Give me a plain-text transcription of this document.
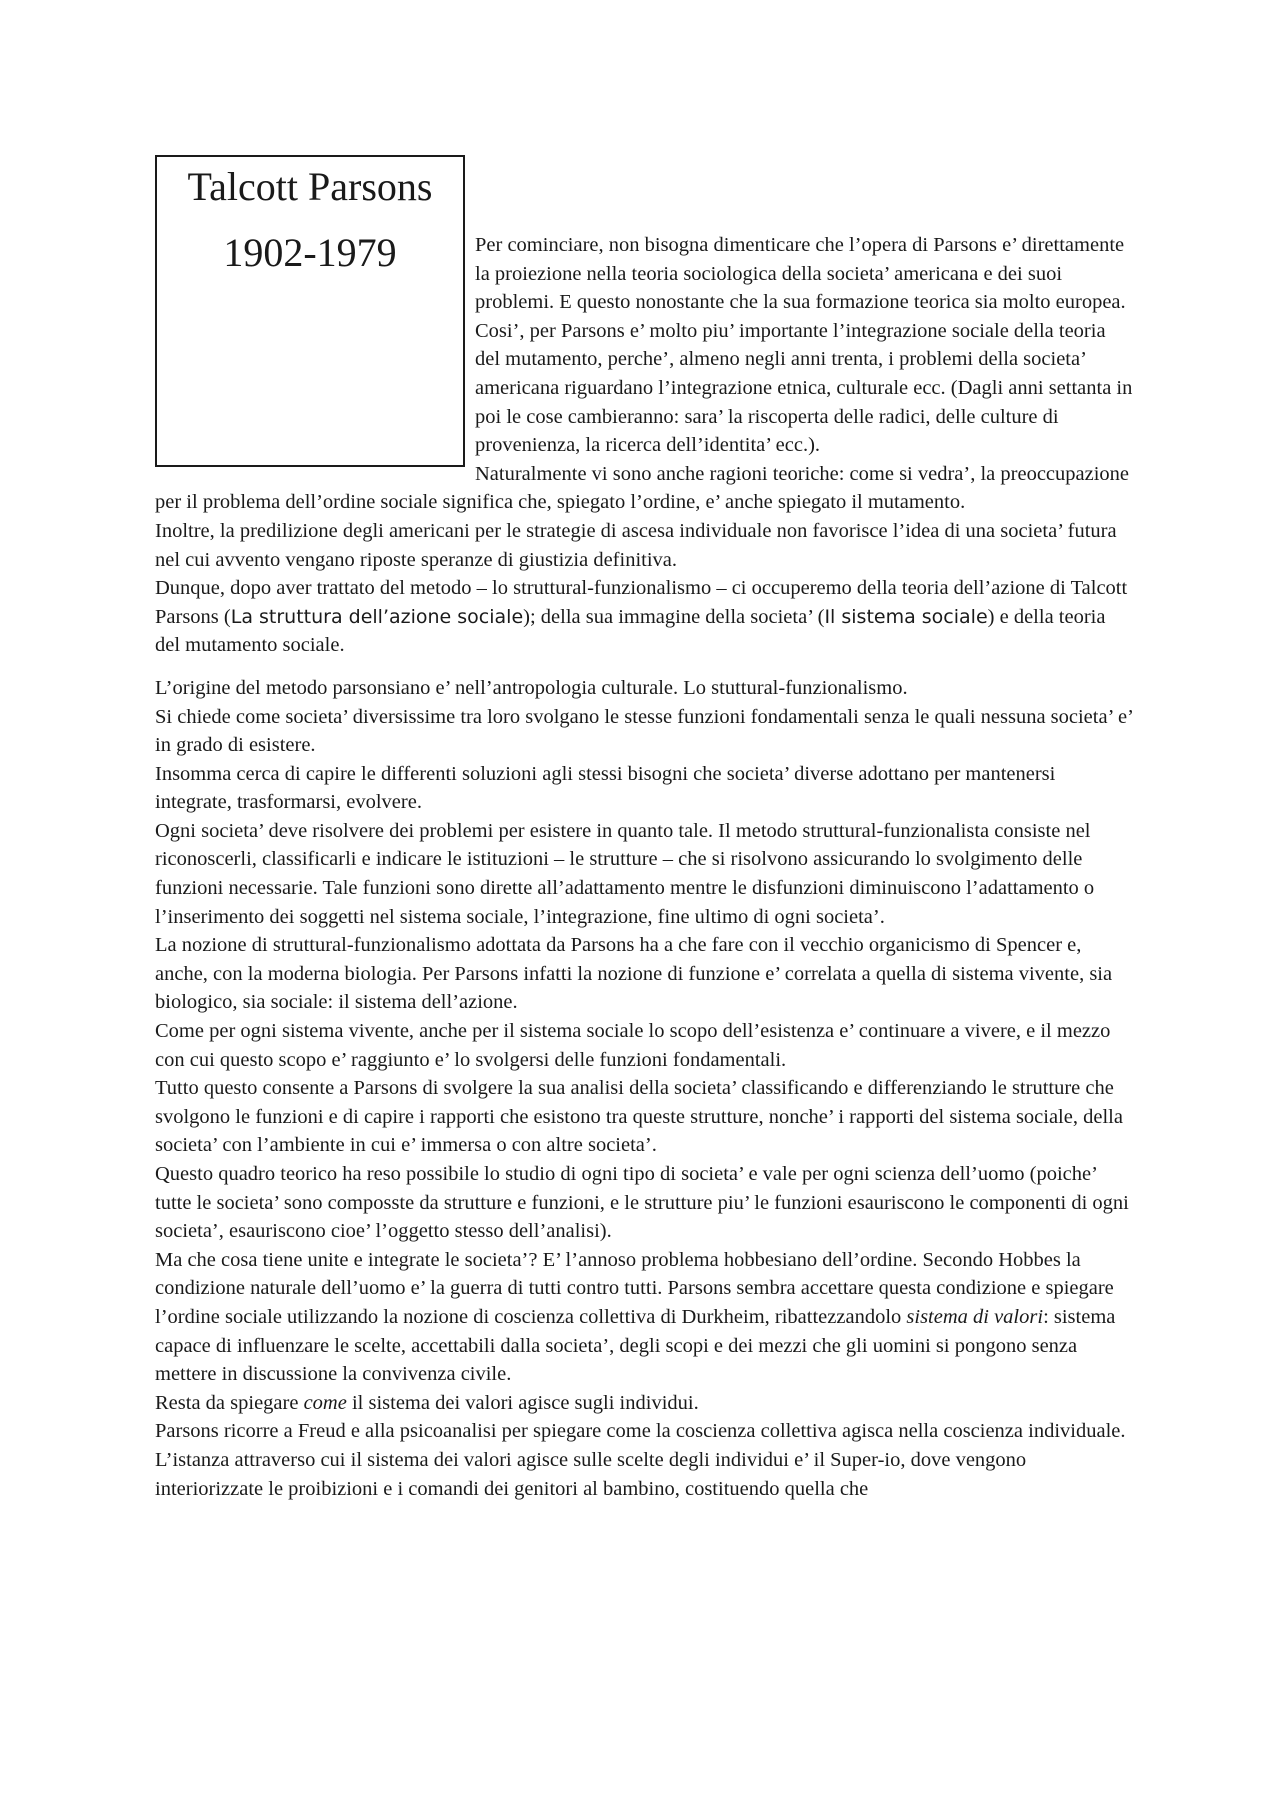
Talcott Parsons
1902-1979	Per cominciare, non bisogna dimenticare che l’opera di Parsons e’ direttamente la proiezione nella teoria sociologica della societa’ americana e dei suoi problemi. E questo nonostante che la sua formazione teorica sia molto europea.

Cosi’, per Parsons e’ molto piu’ importante l’integrazione sociale della teoria del mutamento, perche’, almeno negli anni trenta, i problemi della societa’ americana riguardano l’integrazione etnica, culturale ecc. (Dagli anni settanta in poi le cose cambieranno: sara’ la riscoperta delle radici, delle culture di provenienza, la ricerca dell’identita’ ecc.).

Naturalmente vi sono anche ragioni teoriche: come si vedra’, la preoccupazione per il problema dell’ordine sociale significa che, spiegato l’ordine, e’ anche spiegato il mutamento.

Inoltre, la predilizione degli americani per le strategie di ascesa individuale non favorisce l’idea di una societa’ futura nel cui avvento vengano riposte speranze di giustizia definitiva.

Dunque, dopo aver trattato del metodo – lo struttural-funzionalismo – ci occuperemo della teoria dell’azione di Talcott Parsons (La struttura dell’azione sociale); della sua immagine della societa’ (Il sistema sociale) e della teoria del mutamento sociale.

L’origine del metodo parsonsiano e’ nell’antropologia culturale. Lo stuttural-funzionalismo.

Si chiede come societa’ diversissime tra loro svolgano le stesse funzioni fondamentali senza le quali nessuna societa’ e’ in grado di esistere.

Insomma cerca di capire le differenti soluzioni agli stessi bisogni che societa’ diverse adottano per mantenersi integrate, trasformarsi, evolvere.

Ogni societa’ deve risolvere dei problemi per esistere in quanto tale. Il metodo struttural-funzionalista consiste nel riconoscerli, classificarli e indicare le istituzioni – le strutture – che si risolvono assicurando lo svolgimento delle funzioni necessarie. Tale funzioni sono dirette all’adattamento mentre le disfunzioni diminuiscono l’adattamento o l’inserimento dei soggetti nel sistema sociale, l’integrazione, fine ultimo di ogni societa’.

La nozione di struttural-funzionalismo adottata da Parsons ha a che fare con il vecchio organicismo di Spencer e, anche, con la moderna biologia. Per Parsons infatti la nozione di funzione e’ correlata a quella di sistema vivente, sia biologico, sia sociale: il sistema dell’azione.

Come per ogni sistema vivente, anche per il sistema sociale lo scopo dell’esistenza e’ continuare a vivere, e il mezzo con cui questo scopo e’ raggiunto e’ lo svolgersi delle funzioni fondamentali.

Tutto questo consente a Parsons di svolgere la sua analisi della societa’ classificando e differenziando le strutture che svolgono le funzioni e di capire i rapporti che esistono tra queste strutture, nonche’ i rapporti del sistema sociale, della societa’ con l’ambiente in cui e’ immersa o con altre societa’.

Questo quadro teorico ha reso possibile lo studio di ogni tipo di societa’ e vale per ogni scienza dell’uomo (poiche’ tutte le societa’ sono composste da strutture e funzioni, e le strutture piu’ le funzioni esauriscono le componenti di ogni societa’, esauriscono cioe’ l’oggetto stesso dell’analisi).

Ma che cosa tiene unite e integrate le societa’? E’ l’annoso problema hobbesiano dell’ordine. Secondo Hobbes la condizione naturale dell’uomo e’ la guerra di tutti contro tutti. Parsons sembra accettare questa condizione e spiegare l’ordine sociale utilizzando la nozione di coscienza collettiva di Durkheim, ribattezzandolo sistema di valori: sistema capace di influenzare le scelte, accettabili dalla societa’, degli scopi e dei mezzi che gli uomini si pongono senza mettere in discussione la convivenza civile.

Resta da spiegare come il sistema dei valori agisce sugli individui.

Parsons ricorre a Freud e alla psicoanalisi per spiegare come la coscienza collettiva agisca nella coscienza individuale.

L’istanza attraverso cui il sistema dei valori agisce sulle scelte degli individui e’ il Super-io, dove vengono interiorizzate le proibizioni e i comandi dei genitori al bambino, costituendo quella che
